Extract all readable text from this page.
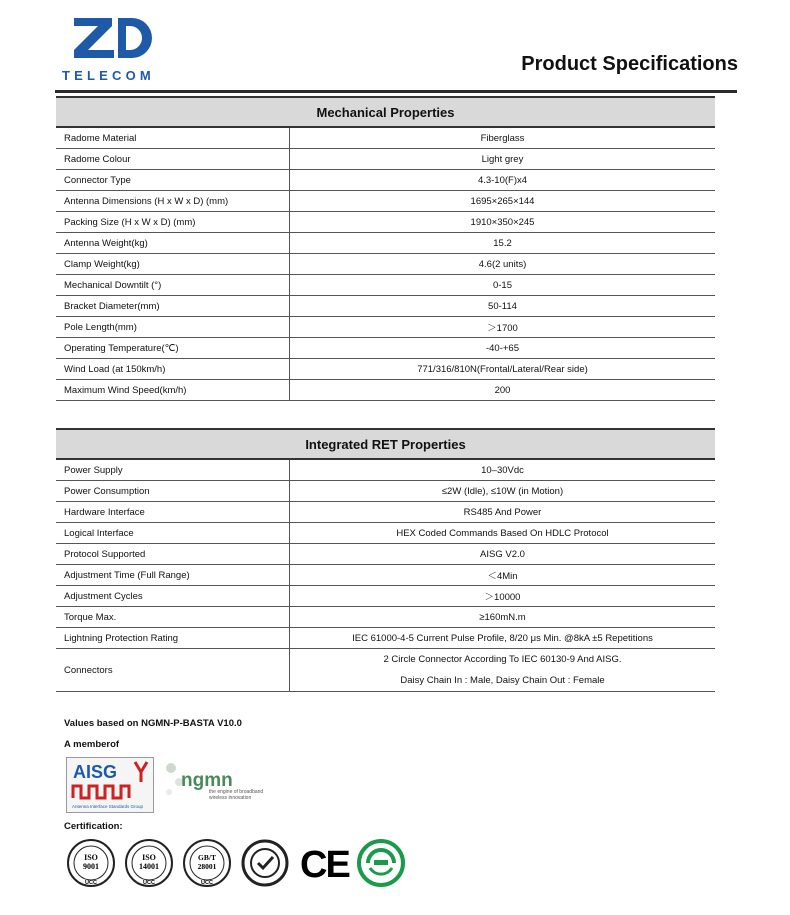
TELECOM
Product Specifications
Mechanical Properties	
Radome Material	Fiberglass
Radome Colour	Light grey
Connector Type	4.3-10(F)x4
Antenna Dimensions (H x W x D) (mm)	1695×265×144
Packing Size (H x W x D) (mm)	1910×350×245
Antenna Weight(kg)	15.2
Clamp Weight(kg)	4.6(2 units)
Mechanical Downtilt (°)	0-15
Bracket Diameter(mm)	50-114
Pole Length(mm)	＞1700
Operating Temperature(℃)	-40-+65
Wind Load (at 150km/h)	771/316/810N(Frontal/Lateral/Rear side)
Maximum Wind Speed(km/h)	200
Integrated RET Properties	
Power Supply	10–30Vdc
Power Consumption	≤2W (Idle), ≤10W (in Motion)
Hardware Interface	RS485 And Power
Logical Interface	HEX Coded Commands Based On HDLC Protocol
Protocol Supported	AISG V2.0
Adjustment Time (Full Range)	＜4Min
Adjustment Cycles	＞10000
Torque Max.	≥160mN.m
Lightning Protection Rating	IEC 61000-4-5 Current Pulse Profile, 8/20 μs Min. @8kA ±5 Repetitions
Connectors	2 Circle Connector According To IEC 60130-9 And AISG.
Daisy Chain In : Male, Daisy Chain Out : Female
Values based on NGMN-P-BASTA V10.0
A memberof
AISG
Antenna Interface Standards Group
ngmn
the engine of broadband
wireless innovation
Certification:
ISO
9001
UCC
ISO
14001
UCC
GB/T
28001
UCC CE
